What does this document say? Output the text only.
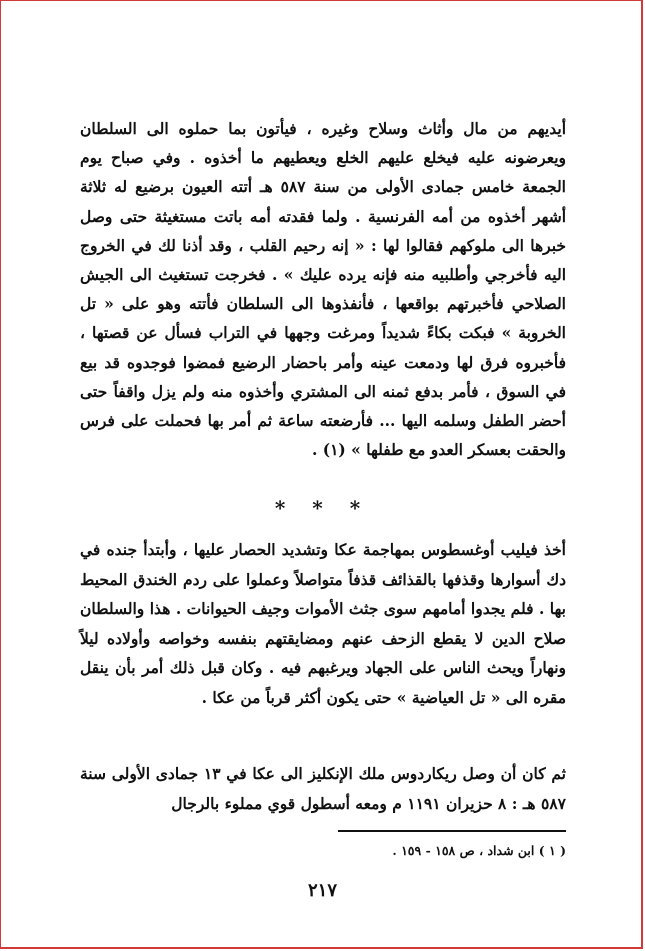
أيديهم من مال وأثاث وسلاح وغيره ، فيأتون بما حملوه الى السلطان ويعرضونه عليه فيخلع عليهم الخلع ويعطيهم ما أخذوه . وفي صباح يوم الجمعة خامس جمادى الأولى من سنة ٥٨٧ هـ أتته العيون برضيع له ثلاثة أشهر أخذوه من أمه الفرنسية . ولما فقدته أمه باتت مستغيثة حتى وصل خبرها الى ملوكهم فقالوا لها : « إنه رحيم القلب ، وقد أذنا لك في الخروج اليه فأخرجي وأطلبيه منه فإنه يرده عليك » . فخرجت تستغيث الى الجيش الصلاحي فأخبرتهم بواقعها ، فأنفذوها الى السلطان فأتته وهو على « تل الخروبة » فبكت بكاءً شديداً ومرغت وجهها في التراب فسأل عن قصتها ، فأخبروه فرق لها ودمعت عينه وأمر باحضار الرضيع فمضوا فوجدوه قد بيع في السوق ، فأمر بدفع ثمنه الى المشتري وأخذوه منه ولم يزل واقفاً حتى أحضر الطفل وسلمه اليها ... فأرضعته ساعة ثم أمر بها فحملت على فرس والحقت بعسكر العدو مع طفلها » (١) .

* * *

أخذ فيليب أوغسطوس بمهاجمة عكا وتشديد الحصار عليها ، وأبتدأ جنده في دك أسوارها وقذفها بالقذائف قذفاً متواصلاً وعملوا على ردم الخندق المحيط بها . فلم يجدوا أمامهم سوى جثث الأموات وجيف الحيوانات . هذا والسلطان صلاح الدين لا يقطع الزحف عنهم ومضايقتهم بنفسه وخواصه وأولاده ليلاً ونهاراً ويحث الناس على الجهاد ويرغبهم فيه . وكان قبل ذلك أمر بأن ينقل مقره الى « تل العياضية » حتى يكون أكثر قرباً من عكا .

ثم كان أن وصل ريكاردوس ملك الإنكليز الى عكا في ١٣ جمادى الأولى سنة ٥٨٧ هـ : ٨ حزيران ١١٩١ م ومعه أسطول قوي مملوء بالرجال

( ١ ) ابن شداد ، ص ١٥٨ - ١٥٩ .
٢١٧
